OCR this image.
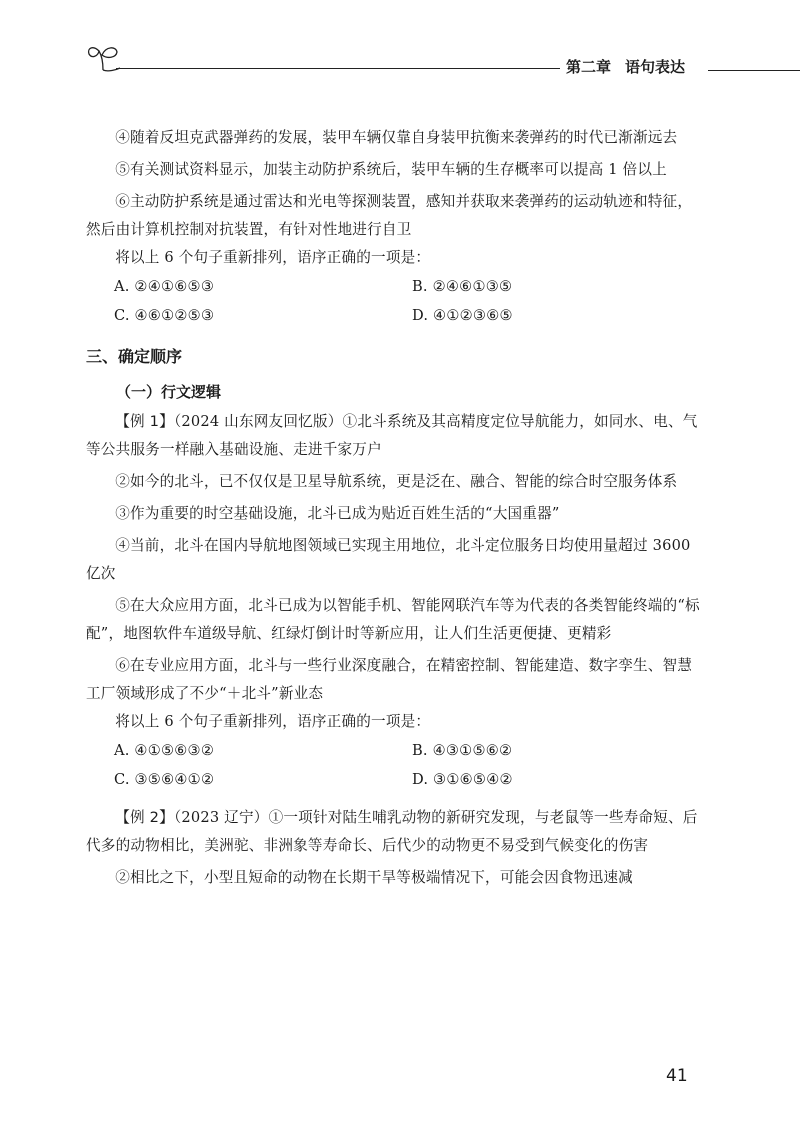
第二章 语句表达

④随着反坦克武器弹药的发展，装甲车辆仅靠自身装甲抗衡来袭弹药的时代已渐渐远去

⑤有关测试资料显示，加装主动防护系统后，装甲车辆的生存概率可以提高 1 倍以上

⑥主动防护系统是通过雷达和光电等探测装置，感知并获取来袭弹药的运动轨迹和特征，然后由计算机控制对抗装置，有针对性地进行自卫

将以上 6 个句子重新排列，语序正确的一项是：

A. ②④①⑥⑤③	B. ②④⑥①③⑤

C. ④⑥①②⑤③	D. ④①②③⑥⑤

三、确定顺序
（一）行文逻辑

【例 1】（2024 山东网友回忆版）①北斗系统及其高精度定位导航能力，如同水、电、气等公共服务一样融入基础设施、走进千家万户

②如今的北斗，已不仅仅是卫星导航系统，更是泛在、融合、智能的综合时空服务体系

③作为重要的时空基础设施，北斗已成为贴近百姓生活的“大国重器”

④当前，北斗在国内导航地图领域已实现主用地位，北斗定位服务日均使用量超过 3600 亿次

⑤在大众应用方面，北斗已成为以智能手机、智能网联汽车等为代表的各类智能终端的“标配”，地图软件车道级导航、红绿灯倒计时等新应用，让人们生活更便捷、更精彩

⑥在专业应用方面，北斗与一些行业深度融合，在精密控制、智能建造、数字孪生、智慧工厂领域形成了不少“＋北斗”新业态

将以上 6 个句子重新排列，语序正确的一项是：

A. ④①⑤⑥③②	B. ④③①⑤⑥②

C. ③⑤⑥④①②	D. ③①⑥⑤④②

【例 2】（2023 辽宁）①一项针对陆生哺乳动物的新研究发现，与老鼠等一些寿命短、后代多的动物相比，美洲驼、非洲象等寿命长、后代少的动物更不易受到气候变化的伤害

②相比之下，小型且短命的动物在长期干旱等极端情况下，可能会因食物迅速减

41
